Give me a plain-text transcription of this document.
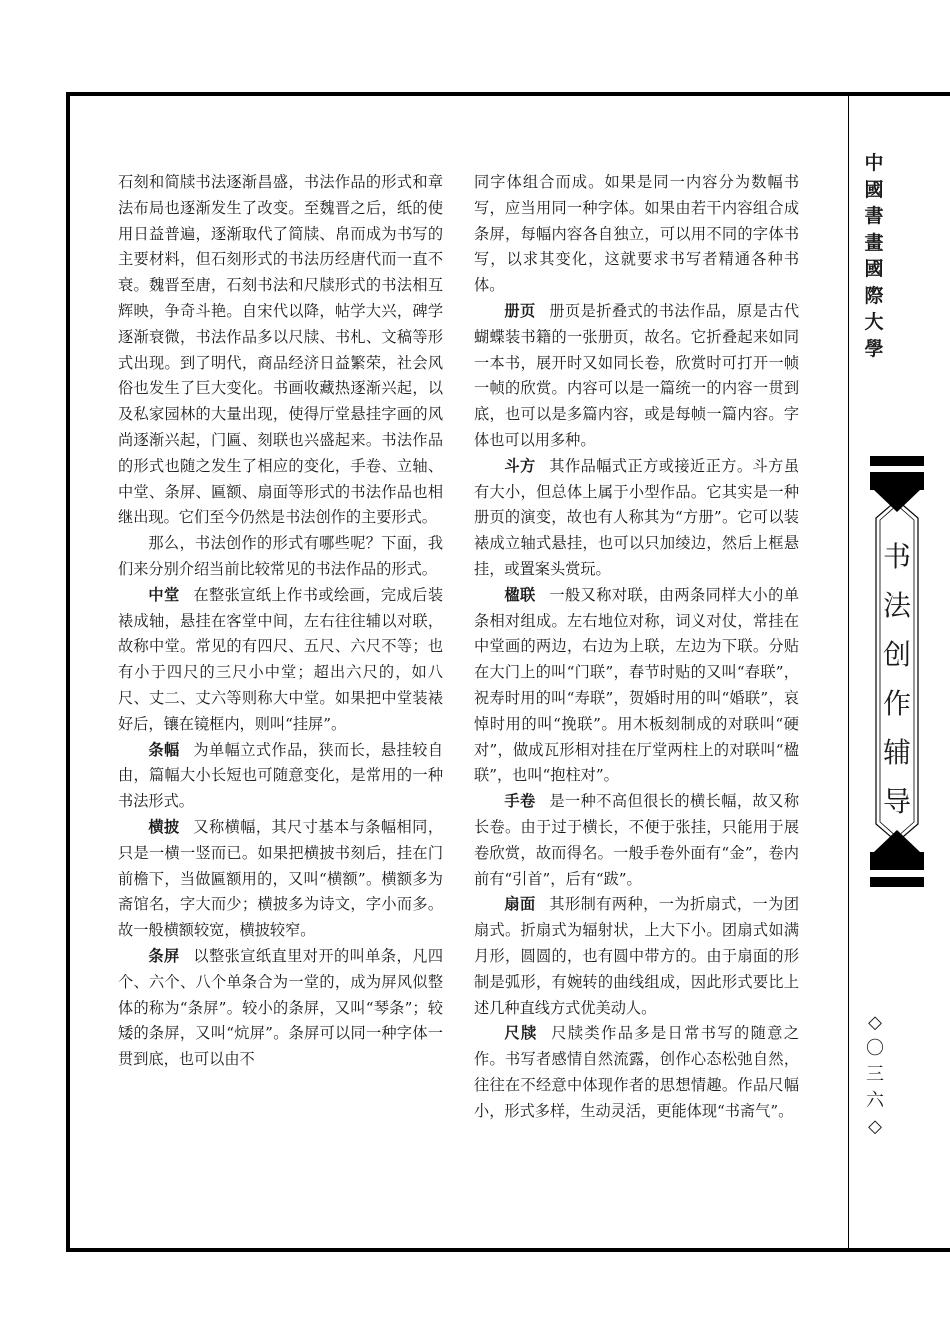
石刻和简牍书法逐渐昌盛，书法作品的形式和章法布局也逐渐发生了改变。至魏晋之后，纸的使用日益普遍，逐渐取代了简牍、帛而成为书写的主要材料，但石刻形式的书法历经唐代而一直不衰。魏晋至唐，石刻书法和尺牍形式的书法相互辉映，争奇斗艳。自宋代以降，帖学大兴，碑学逐渐衰微，书法作品多以尺牍、书札、文稿等形式出现。到了明代，商品经济日益繁荣，社会风俗也发生了巨大变化。书画收藏热逐渐兴起，以及私家园林的大量出现，使得厅堂悬挂字画的风尚逐渐兴起，门匾、刻联也兴盛起来。书法作品的形式也随之发生了相应的变化，手卷、立轴、中堂、条屏、匾额、扇面等形式的书法作品也相继出现。它们至今仍然是书法创作的主要形式。

那么，书法创作的形式有哪些呢？下面，我们来分别介绍当前比较常见的书法作品的形式。

中堂 在整张宣纸上作书或绘画，完成后装裱成轴，悬挂在客堂中间，左右往往辅以对联，故称中堂。常见的有四尺、五尺、六尺不等；也有小于四尺的三尺小中堂；超出六尺的，如八尺、丈二、丈六等则称大中堂。如果把中堂装裱好后，镶在镜框内，则叫“挂屏”。

条幅 为单幅立式作品，狭而长，悬挂较自由，篇幅大小长短也可随意变化，是常用的一种书法形式。

横披 又称横幅，其尺寸基本与条幅相同，只是一横一竖而已。如果把横披书刻后，挂在门前檐下，当做匾额用的，又叫“横额”。横额多为斋馆名，字大而少；横披多为诗文，字小而多。故一般横额较宽，横披较窄。

条屏 以整张宣纸直里对开的叫单条，凡四个、六个、八个单条合为一堂的，成为屏风似整体的称为“条屏”。较小的条屏，又叫“琴条”；较矮的条屏，又叫“炕屏”。条屏可以同一种字体一贯到底，也可以由不

同字体组合而成。如果是同一内容分为数幅书写，应当用同一种字体。如果由若干内容组合成条屏，每幅内容各自独立，可以用不同的字体书写，以求其变化，这就要求书写者精通各种书体。

册页 册页是折叠式的书法作品，原是古代蝴蝶装书籍的一张册页，故名。它折叠起来如同一本书，展开时又如同长卷，欣赏时可打开一帧一帧的欣赏。内容可以是一篇统一的内容一贯到底，也可以是多篇内容，或是每帧一篇内容。字体也可以用多种。

斗方 其作品幅式正方或接近正方。斗方虽有大小，但总体上属于小型作品。它其实是一种册页的演变，故也有人称其为“方册”。它可以装裱成立轴式悬挂，也可以只加绫边，然后上框悬挂，或置案头赏玩。

楹联 一般又称对联，由两条同样大小的单条相对组成。左右地位对称，词义对仗，常挂在中堂画的两边，右边为上联，左边为下联。分贴在大门上的叫“门联”，春节时贴的又叫“春联”，祝寿时用的叫“寿联”，贺婚时用的叫“婚联”，哀悼时用的叫“挽联”。用木板刻制成的对联叫“硬对”，做成瓦形相对挂在厅堂两柱上的对联叫“楹联”，也叫“抱柱对”。

手卷 是一种不高但很长的横长幅，故又称长卷。由于过于横长，不便于张挂，只能用于展卷欣赏，故而得名。一般手卷外面有“金”，卷内前有“引首”，后有“跋”。

扇面 其形制有两种，一为折扇式，一为团扇式。折扇式为辐射状，上大下小。团扇式如满月形，圆圆的，也有圆中带方的。由于扇面的形制是弧形，有婉转的曲线组成，因此形式要比上述几种直线方式优美动人。

尺牍 尺牍类作品多是日常书写的随意之作。书写者感情自然流露，创作心态松弛自然，往往在不经意中体现作者的思想情趣。作品尺幅小，形式多样，生动灵活，更能体现“书斋气”。

中
國
書
畫
國
際
大
學
书
法
创
作
辅
导
◇
〇
三
六
◇
